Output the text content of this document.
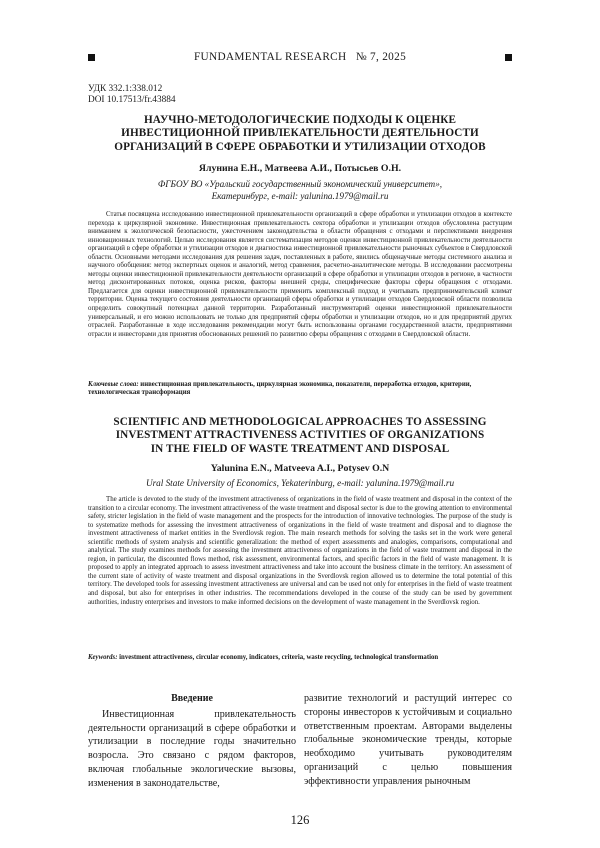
FUNDAMENTAL RESEARCH № 7, 2025
УДК 332.1:338.012
DOI 10.17513/fr.43884
НАУЧНО-МЕТОДОЛОГИЧЕСКИЕ ПОДХОДЫ К ОЦЕНКЕ
ИНВЕСТИЦИОННОЙ ПРИВЛЕКАТЕЛЬНОСТИ ДЕЯТЕЛЬНОСТИ
ОРГАНИЗАЦИЙ В СФЕРЕ ОБРАБОТКИ И УТИЛИЗАЦИИ ОТХОДОВ
Ялунина Е.Н., Матвеева А.И., Потысьев О.Н.
ФГБОУ ВО «Уральский государственный экономический университет»,
Екатеринбург, e-mail: yalunina.1979@mail.ru

Статья посвящена исследованию инвестиционной привлекательности организаций в сфере обработки и утилизации отходов в контексте перехода к циркулярной экономике. Инвестиционная привлекательность сектора обработки и утилизации отходов обусловлена растущим вниманием к экологической безопасности, ужесточением законодательства в области обращения с отходами и перспективами внедрения инновационных технологий. Целью исследования является систематизация методов оценки инвестиционной привлекательности деятельности организаций в сфере обработки и утилизации отходов и диагностика инвестиционной привлекательности рыночных субъектов в Свердловской области. Основными методами исследования для решения задач, поставленных в работе, явились общенаучные методы системного анализа и научного обобщения: метод экспертных оценок и аналогий, метод сравнения, расчетно-аналитические методы. В исследовании рассмотрены методы оценки инвестиционной привлекательности деятельности организаций в сфере обработки и утилизации отходов в регионе, в частности метод дисконтированных потоков, оценка рисков, факторы внешней среды, специфические факторы сферы обращения с отходами. Предлагается для оценки инвестиционной привлекательности применить комплексный подход и учитывать предпринимательский климат территории. Оценка текущего состояния деятельности организаций сферы обработки и утилизации отходов Свердловской области позволила определить совокупный потенциал данной территории. Разработанный инструментарий оценки инвестиционной привлекательности универсальный, и его можно использовать не только для предприятий сферы обработки и утилизации отходов, но и для предприятий других отраслей. Разработанные в ходе исследования рекомендации могут быть использованы органами государственной власти, предприятиями отрасли и инвесторами для принятия обоснованных решений по развитию сферы обращения с отходами в Свердловской области.

Ключевые слова: инвестиционная привлекательность, циркулярная экономика, показатели, переработка отходов, критерии, технологическая трансформация
SCIENTIFIC AND METHODOLOGICAL APPROACHES TO ASSESSING
INVESTMENT ATTRACTIVENESS ACTIVITIES OF ORGANIZATIONS
IN THE FIELD OF WASTE TREATMENT AND DISPOSAL
Yalunina E.N., Matveeva A.I., Potysev O.N
Ural State University of Economics, Yekaterinburg, e-mail: yalunina.1979@mail.ru

The article is devoted to the study of the investment attractiveness of organizations in the field of waste treatment and disposal in the context of the transition to a circular economy. The investment attractiveness of the waste treatment and disposal sector is due to the growing attention to environmental safety, stricter legislation in the field of waste management and the prospects for the introduction of innovative technologies. The purpose of the study is to systematize methods for assessing the investment attractiveness of organizations in the field of waste treatment and disposal and to diagnose the investment attractiveness of market entities in the Sverdlovsk region. The main research methods for solving the tasks set in the work were general scientific methods of system analysis and scientific generalization: the method of expert assessments and analogies, comparisons, computational and analytical. The study examines methods for assessing the investment attractiveness of organizations in the field of waste treatment and disposal in the region, in particular, the discounted flows method, risk assessment, environmental factors, and specific factors in the field of waste management. It is proposed to apply an integrated approach to assess investment attractiveness and take into account the business climate in the territory. An assessment of the current state of activity of waste treatment and disposal organizations in the Sverdlovsk region allowed us to determine the total potential of this territory. The developed tools for assessing investment attractiveness are universal and can be used not only for enterprises in the field of waste treatment and disposal, but also for enterprises in other industries. The recommendations developed in the course of the study can be used by government authorities, industry enterprises and investors to make informed decisions on the development of waste management in the Sverdlovsk region.

Keywords: investment attractiveness, circular economy, indicators, criteria, waste recycling, technological transformation
Введение

Инвестиционная привлекательность деятельности организаций в сфере обработки и утилизации в последние годы значительно возросла. Это связано с рядом факторов, включая глобальные экологические вызовы, изменения в законодательстве,

развитие технологий и растущий интерес со стороны инвесторов к устойчивым и социально ответственным проектам. Авторами выделены глобальные экономические тренды, которые необходимо учитывать руководителям организаций с целью повышения эффективности управления рыночным

126
